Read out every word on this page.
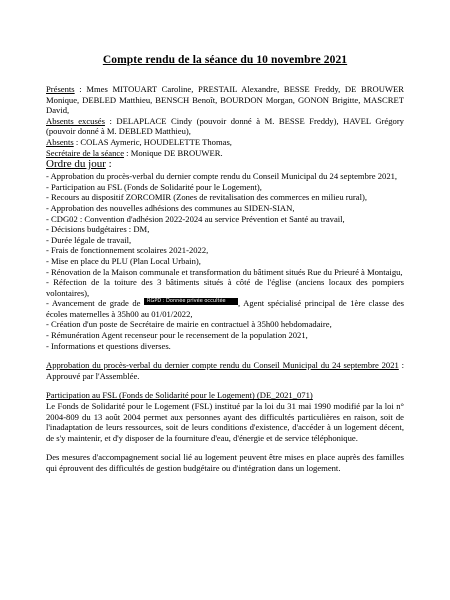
Compte rendu de la séance du 10 novembre 2021

Présents : Mmes MITOUART Caroline, PRESTAIL Alexandre, BESSE Freddy, DE BROUWER Monique, DEBLED Matthieu, BENSCH Benoît, BOURDON Morgan, GONON Brigitte, MASCRET David,

Absents excusés : DELAPLACE Cindy (pouvoir donné à M. BESSE Freddy), HAVEL Grégory (pouvoir donné à M. DEBLED Matthieu),

Absents : COLAS Aymeric, HOUDELETTE Thomas,

Secrétaire de la séance : Monique DE BROUWER.

Ordre du jour :

- Approbation du procès-verbal du dernier compte rendu du Conseil Municipal du 24 septembre 2021,
- Participation au FSL (Fonds de Solidarité pour le Logement),
- Recours au dispositif ZORCOMIR (Zones de revitalisation des commerces en milieu rural),
- Approbation des nouvelles adhésions des communes au SIDEN-SIAN,
- CDG02 : Convention d'adhésion 2022-2024 au service Prévention et Santé au travail,
- Décisions budgétaires : DM,
- Durée légale de travail,
- Frais de fonctionnement scolaires 2021-2022,
- Mise en place du PLU (Plan Local Urbain),
- Rénovation de la Maison communale et transformation du bâtiment situés Rue du Prieuré à Montaigu,
- Réfection de la toiture des 3 bâtiments situés à côté de l'église (anciens locaux des pompiers volontaires),
- Avancement de grade de RGPD : Donnée privée occultée , Agent spécialisé principal de 1ère classe des écoles maternelles à 35h00 au 01/01/2022,
- Création d'un poste de Secrétaire de mairie en contractuel à 35h00 hebdomadaire,
- Rémunération Agent recenseur pour le recensement de la population 2021,
- Informations et questions diverses.

Approbation du procès-verbal du dernier compte rendu du Conseil Municipal du 24 septembre 2021 : Approuvé par l'Assemblée.

Participation au FSL (Fonds de Solidarité pour le Logement) (DE_2021_071)

Le Fonds de Solidarité pour le Logement (FSL) institué par la loi du 31 mai 1990 modifié par la loi n° 2004-809 du 13 août 2004 permet aux personnes ayant des difficultés particulières en raison, soit de l'inadaptation de leurs ressources, soit de leurs conditions d'existence, d'accéder à un logement décent, de s'y maintenir, et d'y disposer de la fourniture d'eau, d'énergie et de service téléphonique.

Des mesures d'accompagnement social lié au logement peuvent être mises en place auprès des familles qui éprouvent des difficultés de gestion budgétaire ou d'intégration dans un logement.
